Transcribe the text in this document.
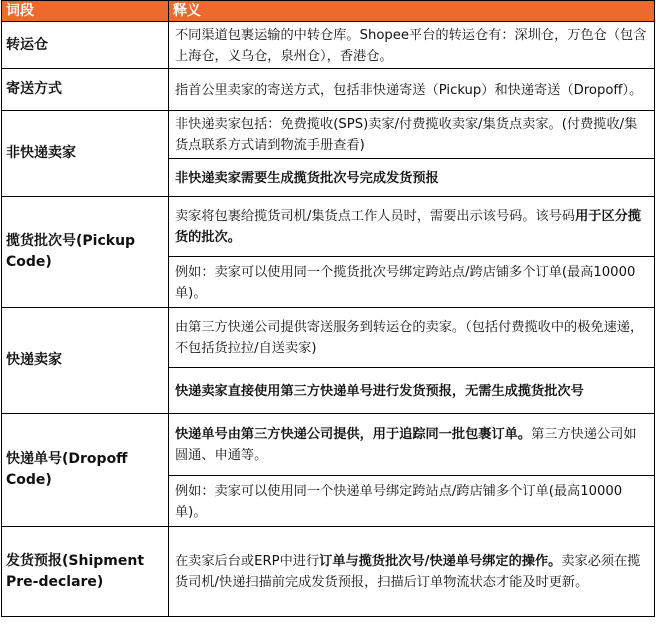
词段	释义
转运仓
不同渠道包裹运输的中转仓库。Shopee平台的转运仓有：深圳仓，万色仓（包含上海仓，义乌仓，泉州仓），香港仓。
寄送方式	指首公里卖家的寄送方式，包括非快递寄送（Pickup）和快递寄送（Dropoff）。
非快递卖家
非快递卖家包括：免费揽收(SPS)卖家/付费揽收卖家/集货点卖家。(付费揽收/集货点联系方式请到物流手册查看)
非快递卖家需要生成揽货批次号完成发货预报
揽货批次号(Pickup Code)
卖家将包裹给揽货司机/集货点工作人员时，需要出示该号码。该号码用于区分揽货的批次。
例如：卖家可以使用同一个揽货批次号绑定跨站点/跨店铺多个订单(最高10000单)。
快递卖家
由第三方快递公司提供寄送服务到转运仓的卖家。（包括付费揽收中的极免速递，不包括货拉拉/自送卖家)
快递卖家直接使用第三方快递单号进行发货预报，无需生成揽货批次号
快递单号(Dropoff Code)
快递单号由第三方快递公司提供，用于追踪同一批包裹订单。第三方快递公司如圆通、申通等。
例如：卖家可以使用同一个快递单号绑定跨站点/跨店铺多个订单(最高10000单)。
发货预报(Shipment Pre-declare)
在卖家后台或ERP中进行订单与揽货批次号/快递单号绑定的操作。卖家必须在揽货司机/快递扫描前完成发货预报，扫描后订单物流状态才能及时更新。
